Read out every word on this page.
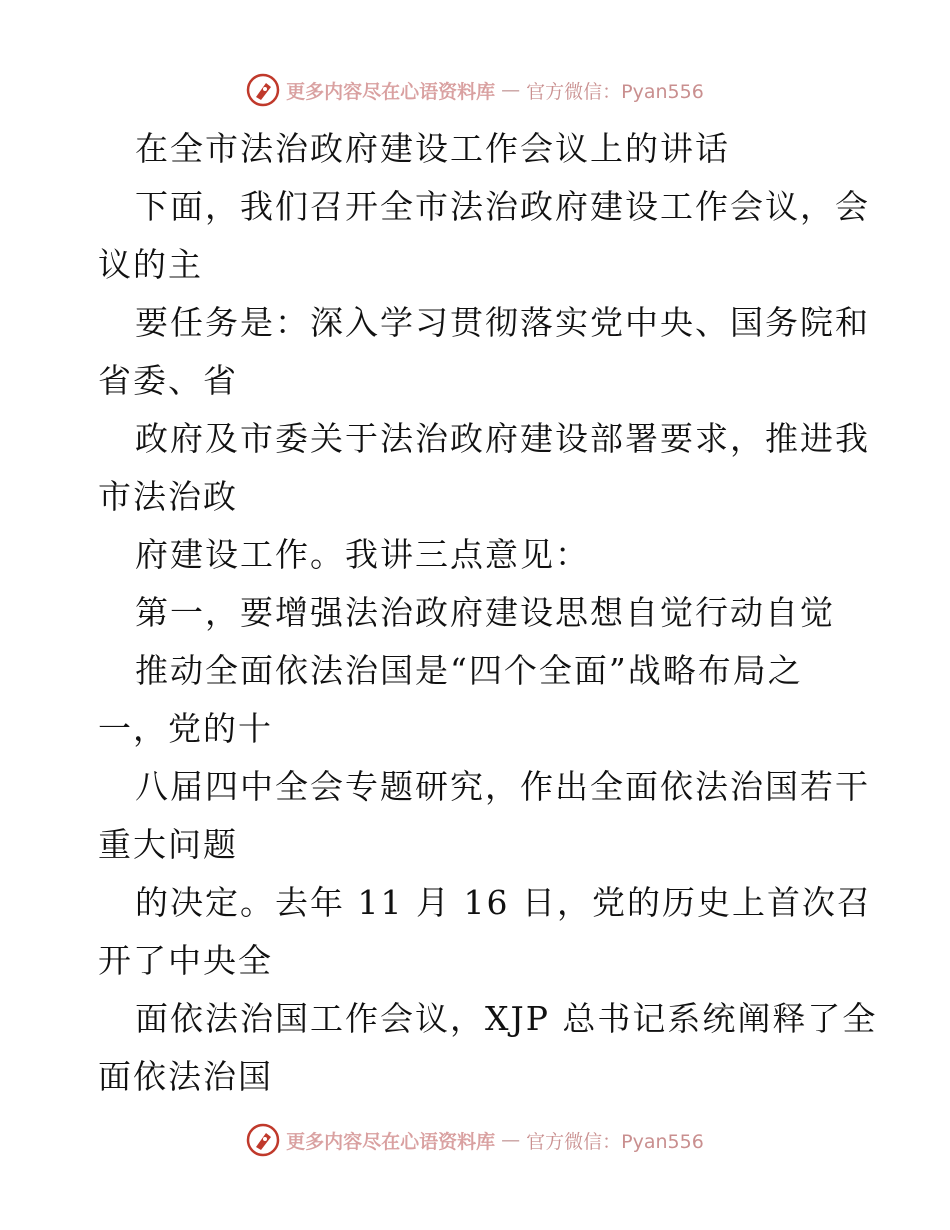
更多内容尽在心语资料库 — 官方微信：Pyan556
在全市法治政府建设工作会议上的讲话
下面，我们召开全市法治政府建设工作会议，会
议的主
要任务是：深入学习贯彻落实党中央、国务院和
省委、省
政府及市委关于法治政府建设部署要求，推进我
市法治政
府建设工作。我讲三点意见：
第一，要增强法治政府建设思想自觉行动自觉
推动全面依法治国是“四个全面”战略布局之
一，党的十
八届四中全会专题研究，作出全面依法治国若干
重大问题
的决定。去年 11 月 16 日，党的历史上首次召
开了中央全
面依法治国工作会议，XJP 总书记系统阐释了全
面依法治国
更多内容尽在心语资料库 — 官方微信：Pyan556
